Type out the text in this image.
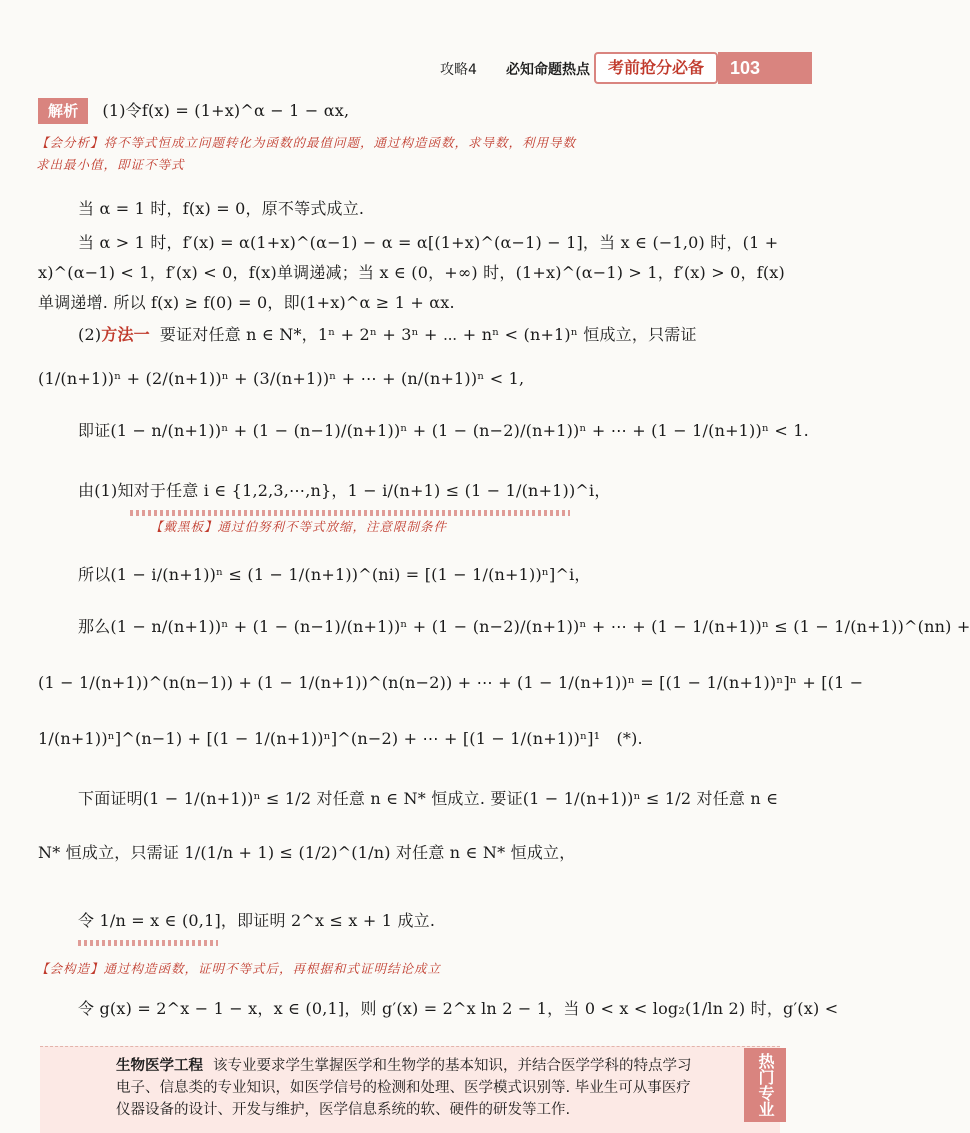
攻略4 必知命题热点	考前抢分必备	103
解析 (1)令f(x) = (1+x)^α − 1 − αx,
【会分析】将不等式恒成立问题转化为函数的最值问题，通过构造函数，求导数，利用导数
求出最小值，即证不等式
当 α = 1 时，f(x) = 0，原不等式成立.
当 α > 1 时，f′(x) = α(1+x)^(α−1) − α = α[(1+x)^(α−1) − 1]，当 x ∈ (−1,0) 时，(1 +
x)^(α−1) < 1，f′(x) < 0，f(x)单调递减；当 x ∈ (0，+∞) 时，(1+x)^(α−1) > 1，f′(x) > 0，f(x)
单调递增. 所以 f(x) ≥ f(0) = 0，即(1+x)^α ≥ 1 + αx.
(2)方法一 要证对任意 n ∈ N*，1ⁿ + 2ⁿ + 3ⁿ + ⋯ + nⁿ < (n+1)ⁿ 恒成立，只需证
(1/(n+1))ⁿ + (2/(n+1))ⁿ + (3/(n+1))ⁿ + ⋯ + (n/(n+1))ⁿ < 1,
即证(1 − n/(n+1))ⁿ + (1 − (n−1)/(n+1))ⁿ + (1 − (n−2)/(n+1))ⁿ + ⋯ + (1 − 1/(n+1))ⁿ < 1.
由(1)知对于任意 i ∈ {1,2,3,⋯,n}，1 − i/(n+1) ≤ (1 − 1/(n+1))^i，
【戴黑板】通过伯努利不等式放缩，注意限制条件
所以(1 − i/(n+1))ⁿ ≤ (1 − 1/(n+1))^(ni) = [(1 − 1/(n+1))ⁿ]^i，
那么(1 − n/(n+1))ⁿ + (1 − (n−1)/(n+1))ⁿ + (1 − (n−2)/(n+1))ⁿ + ⋯ + (1 − 1/(n+1))ⁿ ≤ (1 − 1/(n+1))^(nn) +
(1 − 1/(n+1))^(n(n−1)) + (1 − 1/(n+1))^(n(n−2)) + ⋯ + (1 − 1/(n+1))ⁿ = [(1 − 1/(n+1))ⁿ]ⁿ + [(1 −
1/(n+1))ⁿ]^(n−1) + [(1 − 1/(n+1))ⁿ]^(n−2) + ⋯ + [(1 − 1/(n+1))ⁿ]¹　(*).
下面证明(1 − 1/(n+1))ⁿ ≤ 1/2 对任意 n ∈ N* 恒成立. 要证(1 − 1/(n+1))ⁿ ≤ 1/2 对任意 n ∈
N* 恒成立，只需证 1/(1/n + 1) ≤ (1/2)^(1/n) 对任意 n ∈ N* 恒成立，
令 1/n = x ∈ (0,1]，即证明 2^x ≤ x + 1 成立.
【会构造】通过构造函数，证明不等式后，再根据和式证明结论成立
令 g(x) = 2^x − 1 − x，x ∈ (0,1]，则 g′(x) = 2^x ln 2 − 1，当 0 < x < log₂(1/ln 2) 时，g′(x) <
生物医学工程 该专业要求学生掌握医学和生物学的基本知识，并结合医学学科的特点学习电子、信息类的专业知识，如医学信号的检测和处理、医学模式识别等. 毕业生可从事医疗仪器设备的设计、开发与维护，医学信息系统的软、硬件的研发等工作.	热门专业
